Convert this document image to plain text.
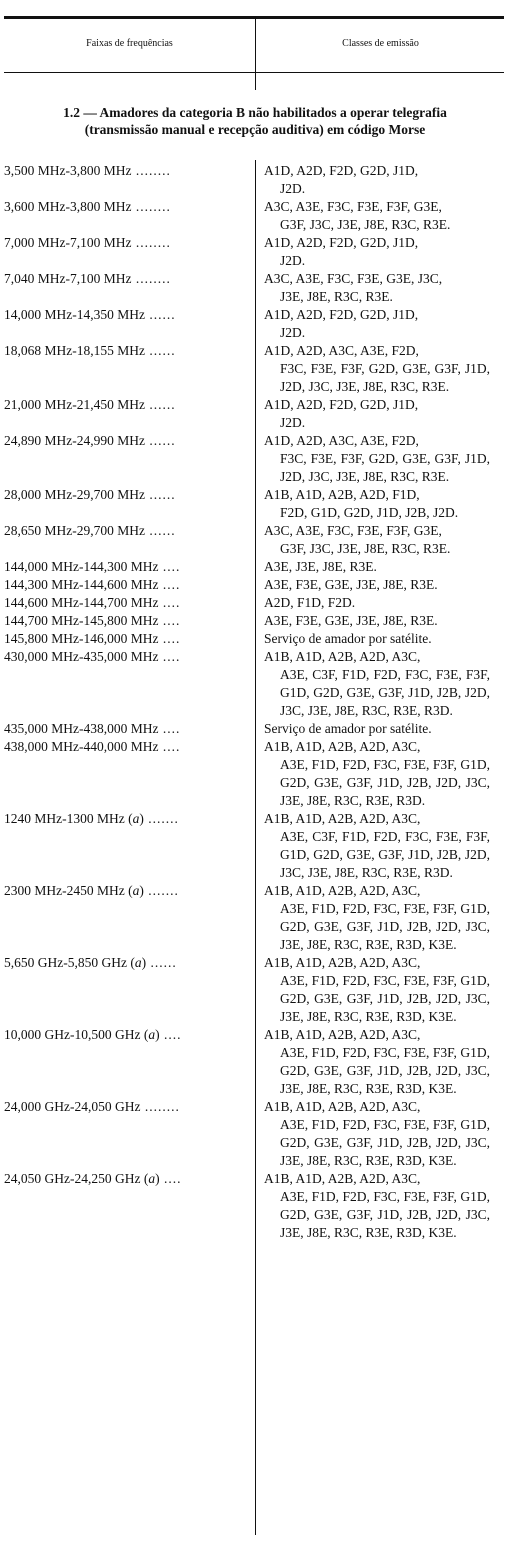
Faixas de frequências	Classes de emissão
1.2 — Amadores da categoria B não habilitados a operar telegrafia
(transmissão manual e recepção auditiva) em código Morse
3,500 MHz-3,800 MHz ........	A1D, A2D, F2D, G2D, J1D,
J2D.
3,600 MHz-3,800 MHz ........	A3C, A3E, F3C, F3E, F3F, G3E,
G3F, J3C, J3E, J8E, R3C, R3E.
7,000 MHz-7,100 MHz ........	A1D, A2D, F2D, G2D, J1D,
J2D.
7,040 MHz-7,100 MHz ........	A3C, A3E, F3C, F3E, G3E, J3C,
J3E, J8E, R3C, R3E.
14,000 MHz-14,350 MHz ......	A1D, A2D, F2D, G2D, J1D,
J2D.
18,068 MHz-18,155 MHz ......	A1D, A2D, A3C, A3E, F2D,
F3C, F3E, F3F, G2D, G3E, G3F, J1D, J2D, J3C, J3E, J8E, R3C, R3E.
21,000 MHz-21,450 MHz ......	A1D, A2D, F2D, G2D, J1D,
J2D.
24,890 MHz-24,990 MHz ......	A1D, A2D, A3C, A3E, F2D,
F3C, F3E, F3F, G2D, G3E, G3F, J1D, J2D, J3C, J3E, J8E, R3C, R3E.
28,000 MHz-29,700 MHz ......	A1B, A1D, A2B, A2D, F1D,
F2D, G1D, G2D, J1D, J2B, J2D.
28,650 MHz-29,700 MHz ......	A3C, A3E, F3C, F3E, F3F, G3E,
G3F, J3C, J3E, J8E, R3C, R3E.
144,000 MHz-144,300 MHz ....	A3E, J3E, J8E, R3E.
144,300 MHz-144,600 MHz ....	A3E, F3E, G3E, J3E, J8E, R3E.
144,600 MHz-144,700 MHz ....	A2D, F1D, F2D.
144,700 MHz-145,800 MHz ....	A3E, F3E, G3E, J3E, J8E, R3E.
145,800 MHz-146,000 MHz ....	Serviço de amador por satélite.
430,000 MHz-435,000 MHz ....	A1B, A1D, A2B, A2D, A3C,
A3E, C3F, F1D, F2D, F3C, F3E, F3F, G1D, G2D, G3E, G3F, J1D, J2B, J2D, J3C, J3E, J8E, R3C, R3E, R3D.
435,000 MHz-438,000 MHz ....	Serviço de amador por satélite.
438,000 MHz-440,000 MHz ....	A1B, A1D, A2B, A2D, A3C,
A3E, F1D, F2D, F3C, F3E, F3F, G1D, G2D, G3E, G3F, J1D, J2B, J2D, J3C, J3E, J8E, R3C, R3E, R3D.
1240 MHz-1300 MHz (a) .......	A1B, A1D, A2B, A2D, A3C,
A3E, C3F, F1D, F2D, F3C, F3E, F3F, G1D, G2D, G3E, G3F, J1D, J2B, J2D, J3C, J3E, J8E, R3C, R3E, R3D.
2300 MHz-2450 MHz (a) .......	A1B, A1D, A2B, A2D, A3C,
A3E, F1D, F2D, F3C, F3E, F3F, G1D, G2D, G3E, G3F, J1D, J2B, J2D, J3C, J3E, J8E, R3C, R3E, R3D, K3E.
5,650 GHz-5,850 GHz (a) ......	A1B, A1D, A2B, A2D, A3C,
A3E, F1D, F2D, F3C, F3E, F3F, G1D, G2D, G3E, G3F, J1D, J2B, J2D, J3C, J3E, J8E, R3C, R3E, R3D, K3E.
10,000 GHz-10,500 GHz (a) ....	A1B, A1D, A2B, A2D, A3C,
A3E, F1D, F2D, F3C, F3E, F3F, G1D, G2D, G3E, G3F, J1D, J2B, J2D, J3C, J3E, J8E, R3C, R3E, R3D, K3E.
24,000 GHz-24,050 GHz ........	A1B, A1D, A2B, A2D, A3C,
A3E, F1D, F2D, F3C, F3E, F3F, G1D, G2D, G3E, G3F, J1D, J2B, J2D, J3C, J3E, J8E, R3C, R3E, R3D, K3E.
24,050 GHz-24,250 GHz (a) ....	A1B, A1D, A2B, A2D, A3C,
A3E, F1D, F2D, F3C, F3E, F3F, G1D, G2D, G3E, G3F, J1D, J2B, J2D, J3C, J3E, J8E, R3C, R3E, R3D, K3E.
